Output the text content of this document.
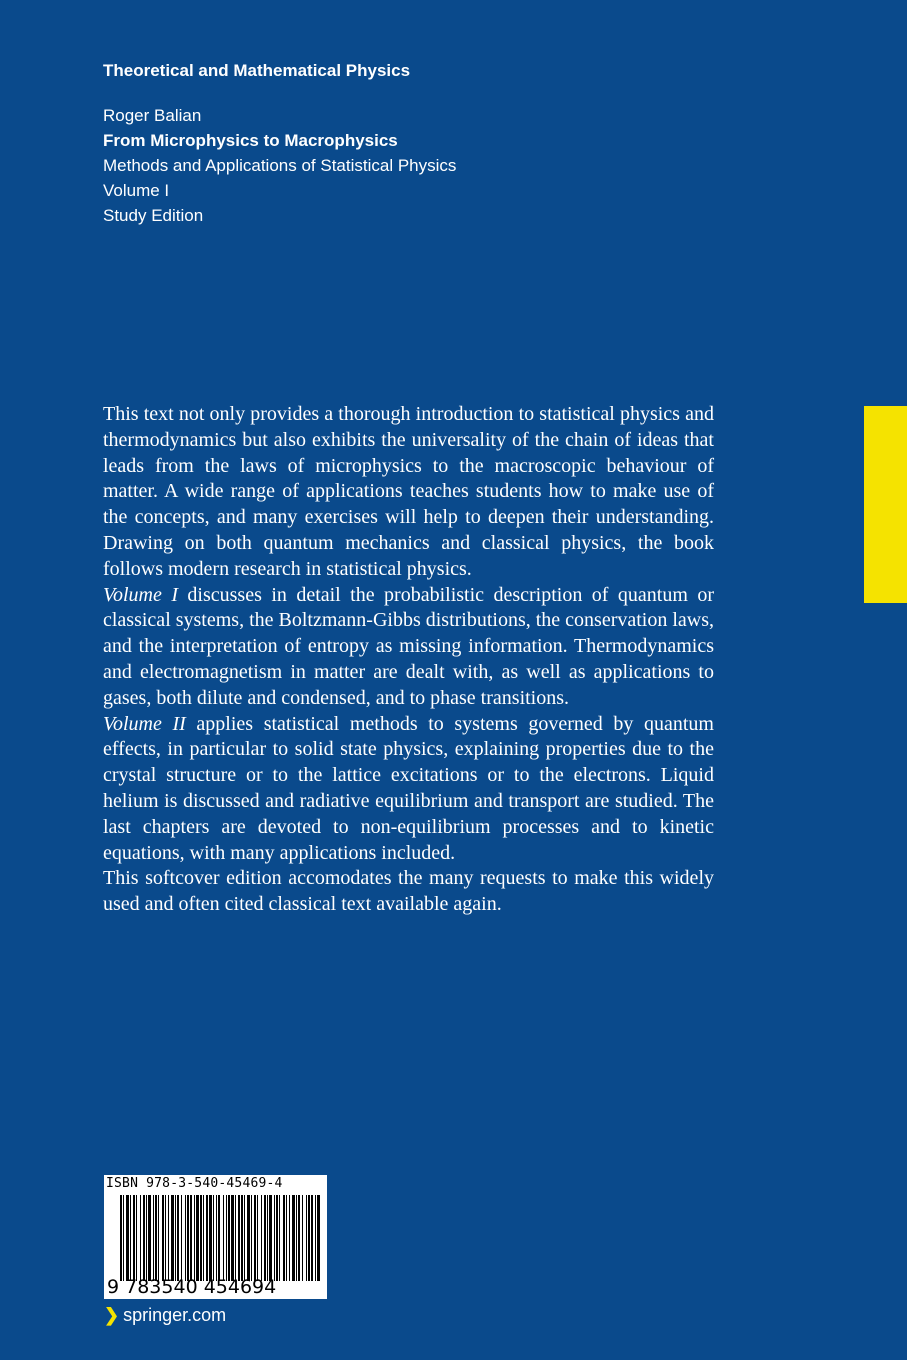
Theoretical and Mathematical Physics

Roger Balian

From Microphysics to Macrophysics

Methods and Applications of Statistical Physics

Volume I

Study Edition

This text not only provides a thorough introduction to statistical physics and thermodynamics but also exhibits the universality of the chain of ideas that leads from the laws of microphysics to the macroscopic behaviour of matter. A wide range of applications teaches students how to make use of the concepts, and many exercises will help to deepen their understanding. Drawing on both quantum mechanics and classical physics, the book follows modern research in statistical physics.

Volume I discusses in detail the probabilistic description of quantum or classical systems, the Boltzmann-Gibbs distributions, the conservation laws, and the interpretation of entropy as missing information. Thermodynamics and electromagnetism in matter are dealt with, as well as applications to gases, both dilute and condensed, and to phase transitions.

Volume II applies statistical methods to systems governed by quantum effects, in particular to solid state physics, explaining properties due to the crystal structure or to the lattice excitations or to the electrons. Liquid helium is discussed and radiative equilibrium and transport are studied. The last chapters are devoted to non-equilibrium processes and to kinetic equations, with many applications included.

This softcover edition accomodates the many requests to make this widely used and often cited classical text available again.

ISBN 978-3-540-45469-4
9 783540 454694
❯ springer.com
